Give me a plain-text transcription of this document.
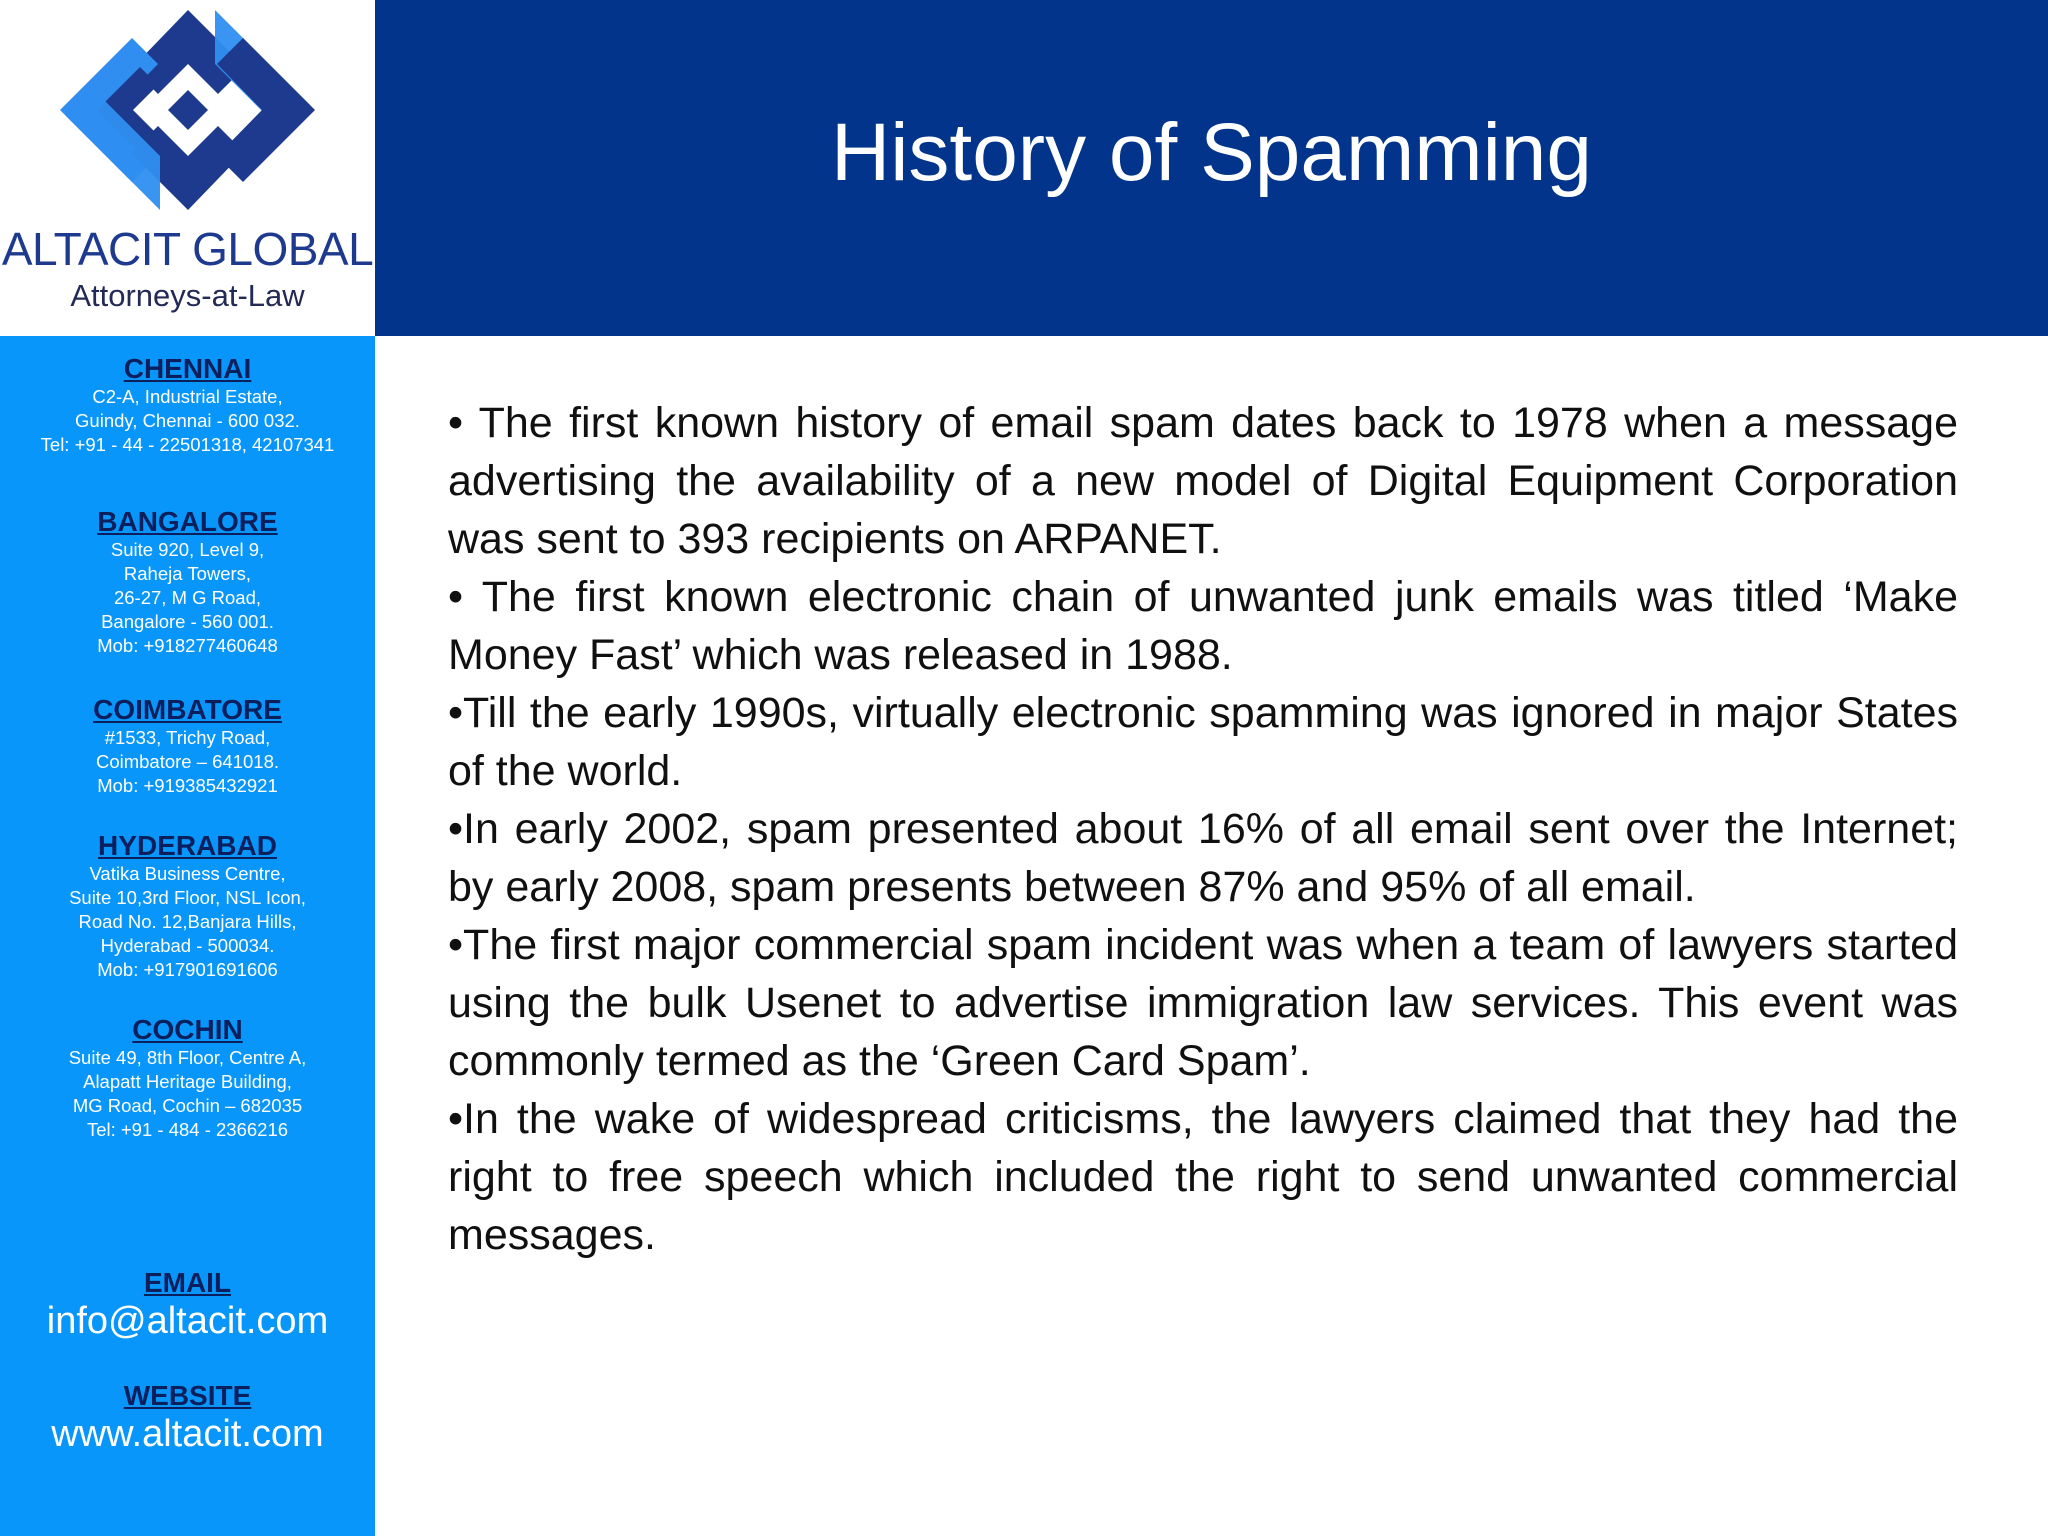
ALTACIT GLOBAL
Attorneys-at-Law
History of Spamming
CHENNAI
C2-A, Industrial Estate,
Guindy, Chennai - 600 032.
Tel: +91 - 44 - 22501318, 42107341
BANGALORE
Suite 920, Level 9,
Raheja Towers,
26-27, M G Road,
Bangalore - 560 001.
Mob: +918277460648
COIMBATORE
#1533, Trichy Road,
Coimbatore – 641018.
Mob: +919385432921
HYDERABAD
Vatika Business Centre,
Suite 10,3rd Floor, NSL Icon,
Road No. 12,Banjara Hills,
Hyderabad - 500034.
Mob: +917901691606
COCHIN
Suite 49, 8th Floor, Centre A,
Alapatt Heritage Building,
MG Road, Cochin – 682035
Tel: +91 - 484 - 2366216
EMAIL
info@altacit.com
WEBSITE
www.altacit.com

• The first known history of email spam dates back to 1978 when a message advertising the availability of a new model of Digital Equipment Corporation was sent to 393 recipients on ARPANET.

• The first known electronic chain of unwanted junk emails was titled ‘Make Money Fast’ which was released in 1988.

•Till the early 1990s, virtually electronic spamming was ignored in major States of the world.

•In early 2002, spam presented about 16% of all email sent over the Internet; by early 2008, spam presents between 87% and 95% of all email.

•The first major commercial spam incident was when a team of lawyers started using the bulk Usenet to advertise immigration law services. This event was commonly termed as the ‘Green Card Spam’.

•In the wake of widespread criticisms, the lawyers claimed that they had the right to free speech which included the right to send unwanted commercial messages.
